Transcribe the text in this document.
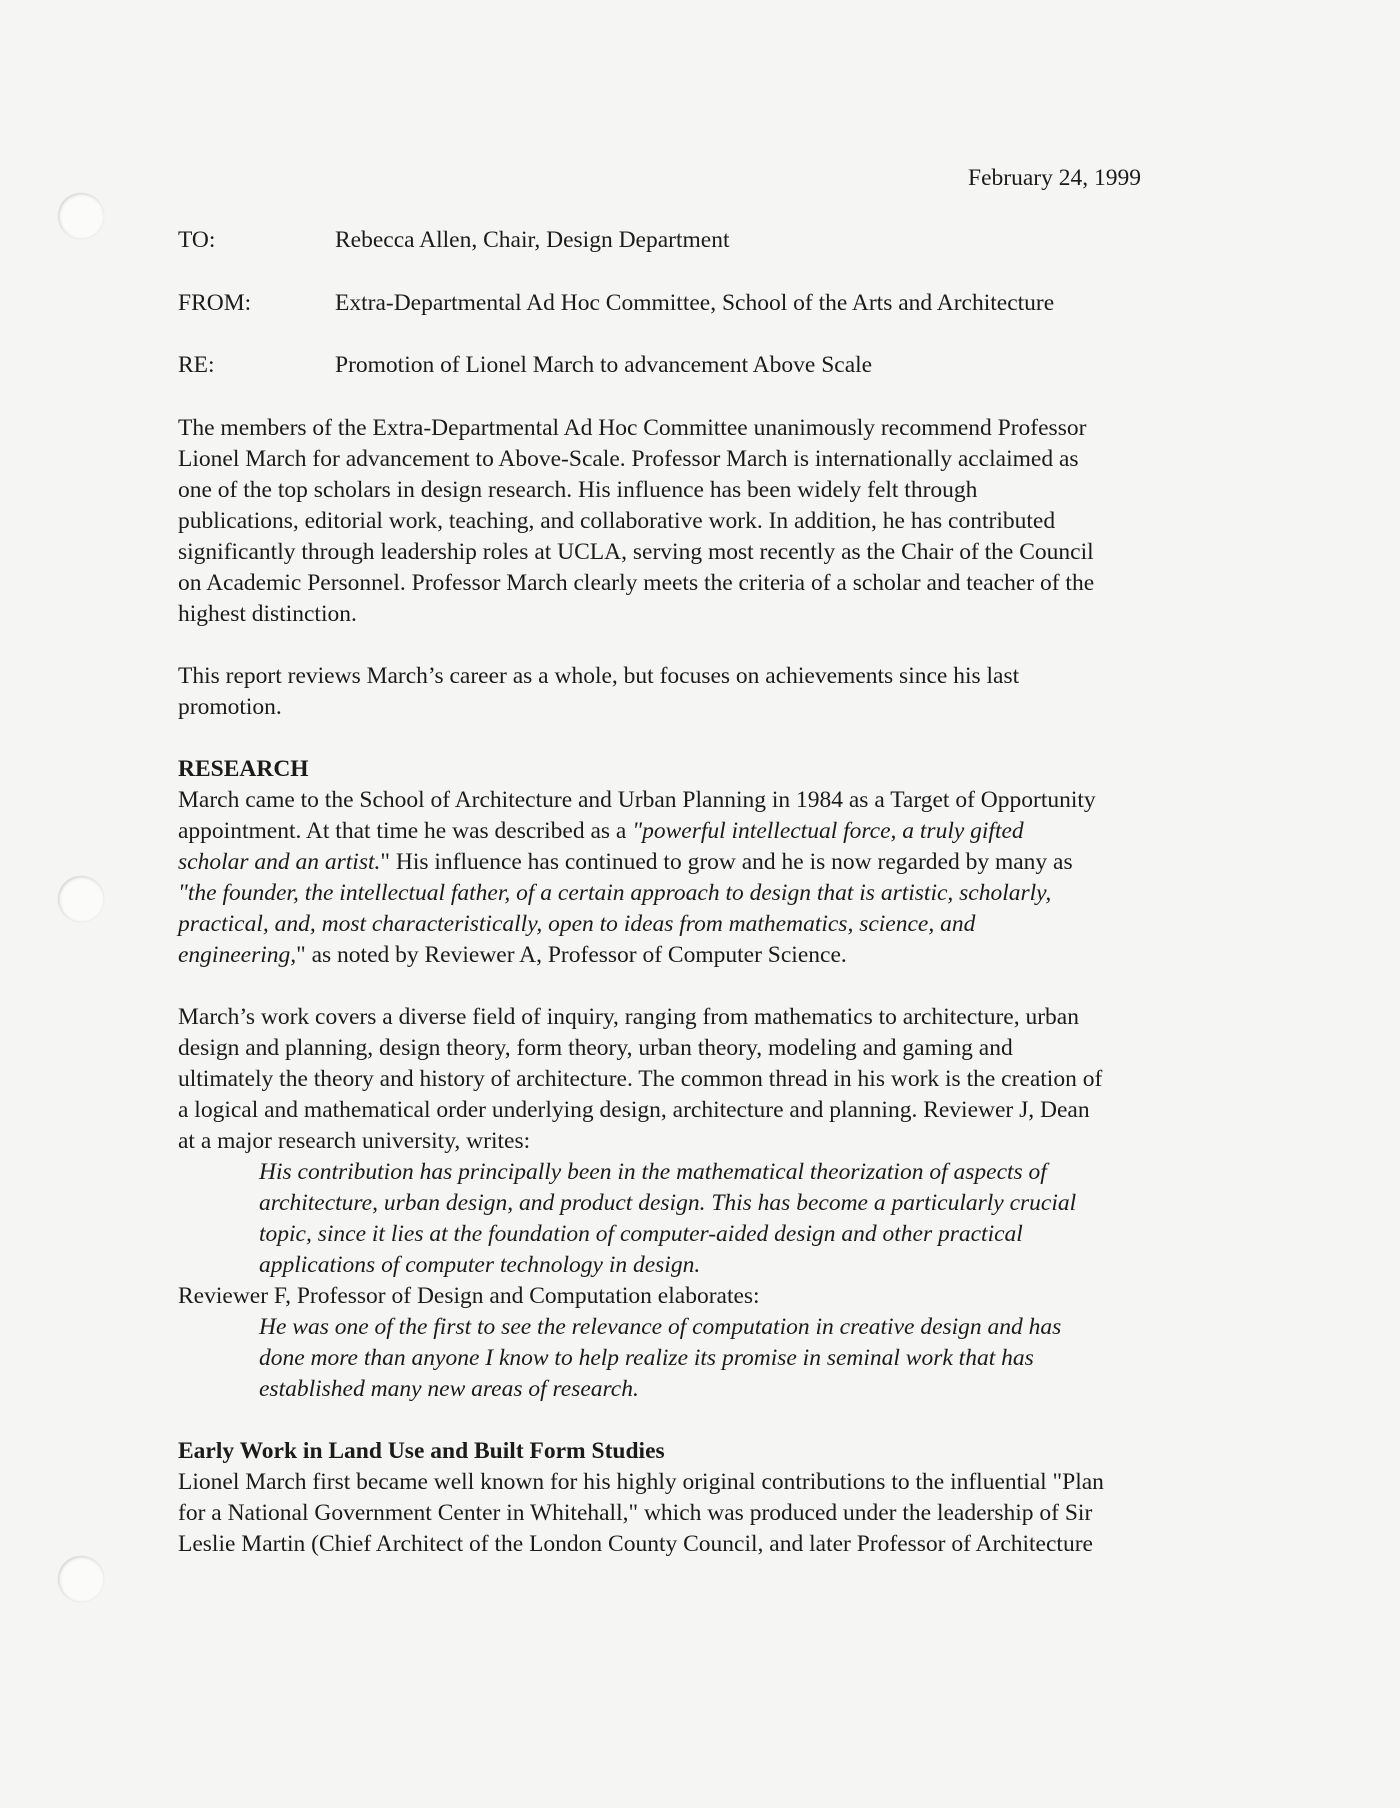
February 24, 1999
TO:	Rebecca Allen, Chair, Design Department
FROM:	Extra-Departmental Ad Hoc Committee, School of the Arts and Architecture
RE:	Promotion of Lionel March to advancement Above Scale

The members of the Extra-Departmental Ad Hoc Committee unanimously recommend Professor

Lionel March for advancement to Above-Scale. Professor March is internationally acclaimed as

one of the top scholars in design research. His influence has been widely felt through

publications, editorial work, teaching, and collaborative work. In addition, he has contributed

significantly through leadership roles at UCLA, serving most recently as the Chair of the Council

on Academic Personnel. Professor March clearly meets the criteria of a scholar and teacher of the

highest distinction.

This report reviews March’s career as a whole, but focuses on achievements since his last

promotion.

RESEARCH

March came to the School of Architecture and Urban Planning in 1984 as a Target of Opportunity

appointment. At that time he was described as a "powerful intellectual force, a truly gifted

scholar and an artist." His influence has continued to grow and he is now regarded by many as

"the founder, the intellectual father, of a certain approach to design that is artistic, scholarly,

practical, and, most characteristically, open to ideas from mathematics, science, and

engineering," as noted by Reviewer A, Professor of Computer Science.

March’s work covers a diverse field of inquiry, ranging from mathematics to architecture, urban

design and planning, design theory, form theory, urban theory, modeling and gaming and

ultimately the theory and history of architecture. The common thread in his work is the creation of

a logical and mathematical order underlying design, architecture and planning. Reviewer J, Dean

at a major research university, writes:

His contribution has principally been in the mathematical theorization of aspects of

architecture, urban design, and product design. This has become a particularly crucial

topic, since it lies at the foundation of computer-aided design and other practical

applications of computer technology in design.

Reviewer F, Professor of Design and Computation elaborates:

He was one of the first to see the relevance of computation in creative design and has

done more than anyone I know to help realize its promise in seminal work that has

established many new areas of research.

Early Work in Land Use and Built Form Studies

Lionel March first became well known for his highly original contributions to the influential "Plan

for a National Government Center in Whitehall," which was produced under the leadership of Sir

Leslie Martin (Chief Architect of the London County Council, and later Professor of Architecture
